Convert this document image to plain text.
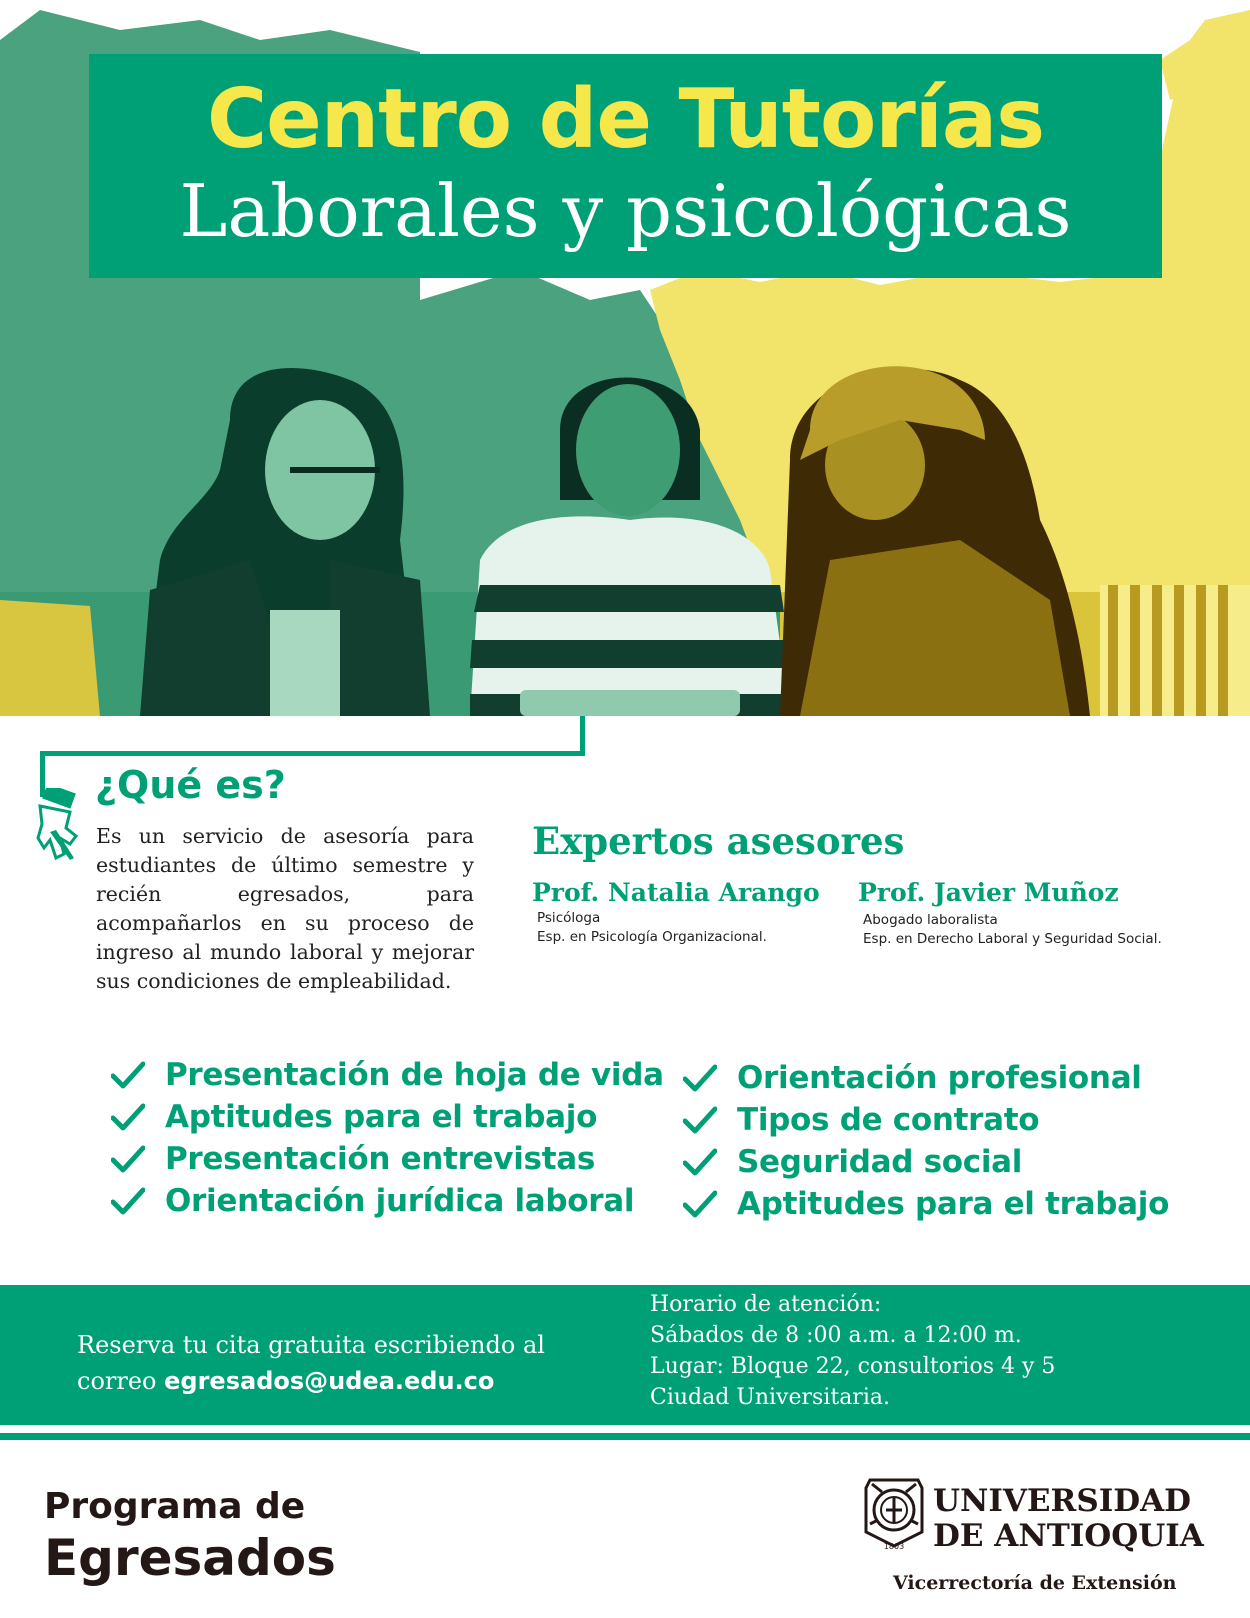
Centro de Tutorías
Laborales y psicológicas
¿Qué es?
Es un servicio de asesoría para estudiantes de último semestre y recién egresados, para acompañarlos en su proceso de ingreso al mundo laboral y mejorar sus condiciones de empleabilidad.
Expertos asesores
Prof. Natalia Arango
Psicóloga
Esp. en Psicología Organizacional.
Prof. Javier Muñoz
Abogado laboralista
Esp. en Derecho Laboral y Seguridad Social.
Presentación de hoja de vida
Aptitudes para el trabajo
Presentación entrevistas
Orientación jurídica laboral
Orientación profesional
Tipos de contrato
Seguridad social
Aptitudes para el trabajo
Reserva tu cita gratuita escribiendo al
correo egresados@udea.edu.co
Horario de atención:
Sábados de 8 :00 a.m. a 12:00 m.
Lugar: Bloque 22, consultorios 4 y 5
Ciudad Universitaria.
Programa de
Egresados	1803
UNIVERSIDAD
DE ANTIOQUIA
Vicerrectoría de Extensión
